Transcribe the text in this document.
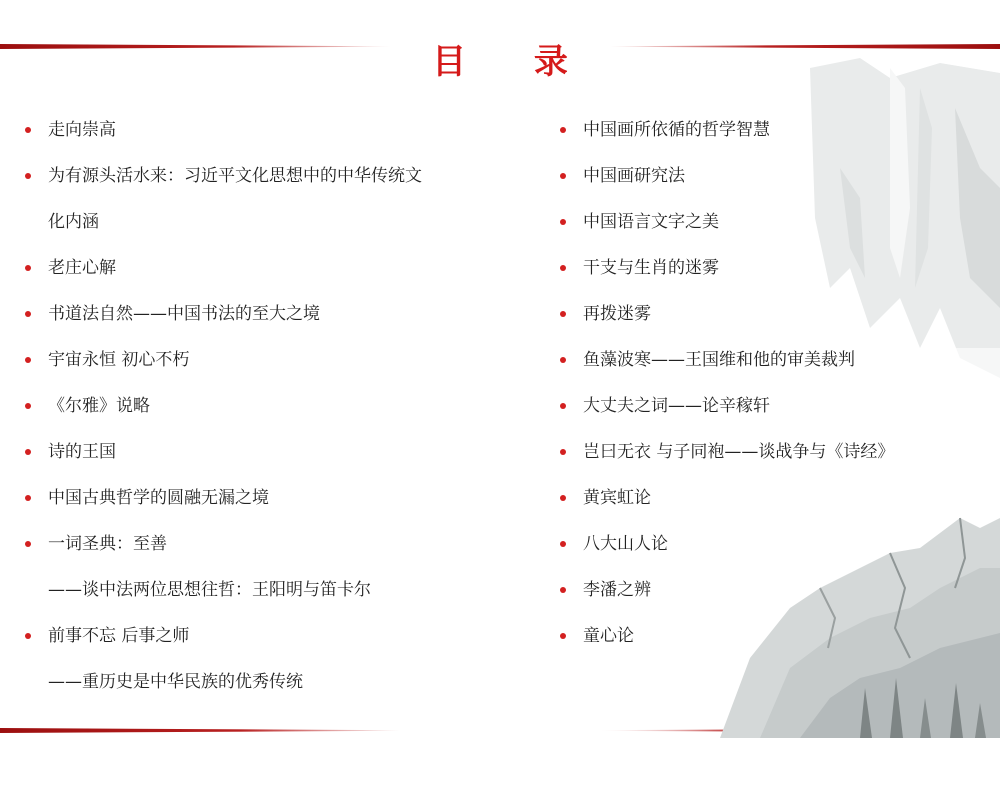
目 录
走向崇高
为有源头活水来：习近平文化思想中的中华传统文
化内涵
老庄心解
书道法自然——中国书法的至大之境
宇宙永恒 初心不朽
《尔雅》说略
诗的王国
中国古典哲学的圆融无漏之境
一词圣典：至善
——谈中法两位思想往哲：王阳明与笛卡尔
前事不忘 后事之师
——重历史是中华民族的优秀传统
中国画所依循的哲学智慧
中国画研究法
中国语言文字之美
干支与生肖的迷雾
再拨迷雾
鱼藻波寒——王国维和他的审美裁判
大丈夫之词——论辛稼轩
岂曰无衣 与子同袍——谈战争与《诗经》
黄宾虹论
八大山人论
李潘之辨
童心论
